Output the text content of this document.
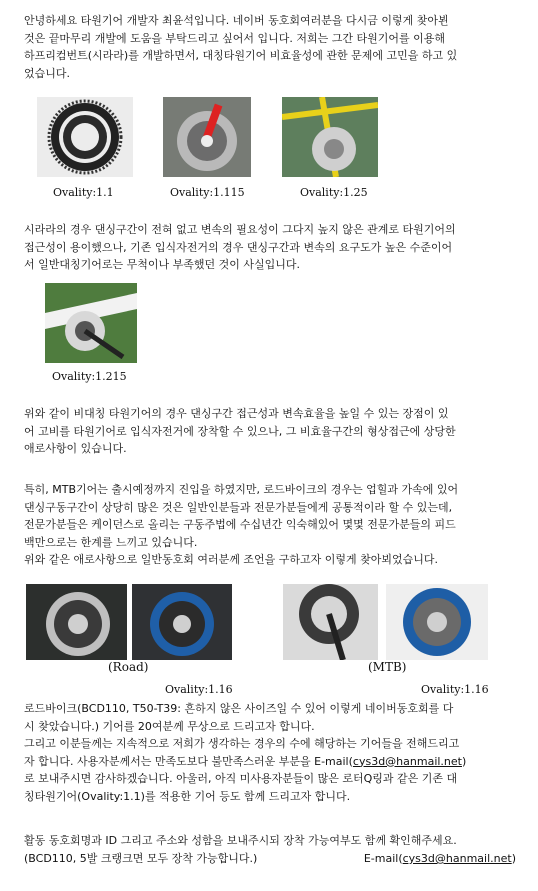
안녕하세요 타원기어 개발자 최윤석입니다. 네이버 동호회여러분을 다시금 이렇게 찾아뵌
것은 끝마무리 개발에 도움을 부탁드리고 싶어서 입니다. 저희는 그간 타원기어를 이용해
하프리컴번트(시라라)를 개발하면서, 대칭타원기어 비효율성에 관한 문제에 고민을 하고 있
었습니다.

Ovality:1.1	Ovality:1.115	Ovality:1.25

시라라의 경우 댄싱구간이 전혀 없고 변속의 필요성이 그다지 높지 않은 관계로 타원기어의
접근성이 용이했으나, 기존 입식자전거의 경우 댄싱구간과 변속의 요구도가 높은 수준이어
서 일반대칭기어로는 무척이나 부족했던 것이 사실입니다.

Ovality:1.215

위와 같이 비대칭 타원기어의 경우 댄싱구간 접근성과 변속효율을 높일 수 있는 장점이 있
어 고비를 타원기어로 입식자전거에 장착할 수 있으나, 그 비효율구간의 형상접근에 상당한
애로사항이 있습니다.

특히, MTB기어는 출시예정까지 진입을 하였지만, 로드바이크의 경우는 업힐과 가속에 있어
댄싱구동구간이 상당히 많은 것은 일반인분들과 전문가분들에게 공통적이라 할 수 있는데,
전문가분들은 케이던스로 올리는 구동주법에 수십년간 익숙해있어 몇몇 전문가분들의 피드
백만으로는 한계를 느끼고 있습니다.
위와 같은 애로사항으로 일반동호회 여러분께 조언을 구하고자 이렇게 찾아뵈었습니다.

(Road)	(MTB)
Ovality:1.16	Ovality:1.16

로드바이크(BCD110, T50-T39: 흔하지 않은 사이즈일 수 있어 이렇게 네이버동호회를 다
시 찾았습니다.) 기어를 20여분께 무상으로 드리고자 합니다.
그리고 이분들께는 지속적으로 저희가 생각하는 경우의 수에 해당하는 기어들을 전해드리고
자 합니다. 사용자분께서는 만족도보다 불만족스러운 부분을 E-mail(cys3d@hanmail.net)
로 보내주시면 감사하겠습니다. 아울러, 아직 미사용자분들이 많은 로터Q링과 같은 기존 대
칭타원기어(Ovality:1.1)를 적용한 기어 등도 함께 드리고자 합니다.

활동 동호회명과 ID 그리고 주소와 성함을 보내주시되 장착 가능여부도 함께 확인해주세요.

(BCD110, 5발 크랭크면 모두 장착 가능합니다.)	E-mail(cys3d@hanmail.net)
